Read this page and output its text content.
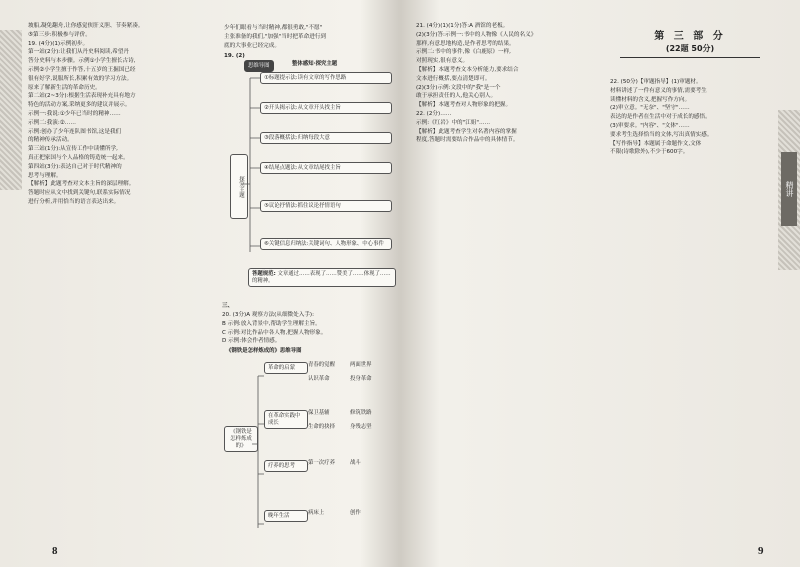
坡船,凝免翻舟,让你感觉侠肝义胆、节奏紧凑。

⑤第三步:积极参与评价。

19. (4分)(1)示例初步。

第一站(2分):让我们从丹史料阅读,希望丹

答分史料与本步骤。示例①小学生擅长古诗,

示例②小学生擅于作答,十五岁的王掘国已经

很有好学,说服所长,积累有效的学习方法。

原来了解新生活的革命历史。

第二站(2~3分):根据生活表现补充具有地方

特色的活动方案,采纳更多的建议并展示。

示例一:我说:①少年已当时的精神……

示例二:我演:②……

示例:创办了少年连队图书馆,这是我们

的精神传承活动。

第三站(1分):从宣传工作中读懂所学,

真正把家国与个人品格的铸造统一起来。

第四站(3分):表达自己对于时代精神的

思考与理解。

【解析】此题考查对文本主旨的深层理解。

答题时应从文中找到关键句,联系实际情况

进行分析,并用恰当的语言表达出来。

少年们眼看与当时精神,都很勇敢,"不愿"

主张准备的我们,"加强"当时把革命进行到

底的大事业已经完成。

19. (2)
思维导图	整体感知·探究主题
探究主题
①标题提示法:读有文章的写作思路
②开头揭示法:从文章开头找主旨
③段落概括法:归纳每段大意
④结尾点题法:从文章结尾找主旨
⑤议论抒情法:抓住议论抒情语句
⑥关键信息归纳法:关键词句、人物形象、中心事件
答题规范: 文章通过……表现了……赞美了……体现了……的精神。
三、

20. (3分)A 观察方法(从细微处入手):

B 示例:放入背景中,帮助学生理解主旨。

C 示例:对比作品中各人物,把握人物形象。

D 示例:体会作者情感。

《钢铁是怎样炼成的》思维导图
《钢铁是怎样炼成的》
革命的启蒙	青春的觉醒	两面世界
认识革命	投身革命
在革命实践中成长
保卫基辅	修筑铁路
生命的抉择	身残志坚
疗养的思考	第一次疗养	战斗
晚年生活	病床上	创作
8

21. (4分)(1)(1分)答:A 酒馆的老板。

(2)(3分)答:示例一:书中的人物像《人民的名义》

那样,有意思地构造,是作者思考的结果。

示例二:书中的事件,像《白鹿原》一样,

对照现实,很有意义。

【解析】本题考查文本分析能力,要求结合

文本进行概括,要点清楚即可。

(2)(3分)示例:文段中的"我"是一个

敢于承担责任的人,他关心别人。

【解析】本题考查对人物形象的把握。

22. (2分)……

示例:《红岩》中的"江姐"……

【解析】此题考查学生对名著内容的掌握

程度,答题时需要结合作品中的具体情节。

第 三 部 分
(22题 50分)

22. (50分)【审题指导】(1)审题材。

材料讲述了一件有意义的事情,需要考生

读懂材料的含义,把握写作方向。

(2)审立意。"无奈"、"坚守"……

表达的是作者在生活中对于成长的感悟。

(3)审要求。"内容"、"文体"……

要求考生选择恰当的文体,写出真情实感。

【写作指导】本题属于命题作文,文体

不限(诗歌除外),不少于600字。

精讲
9
